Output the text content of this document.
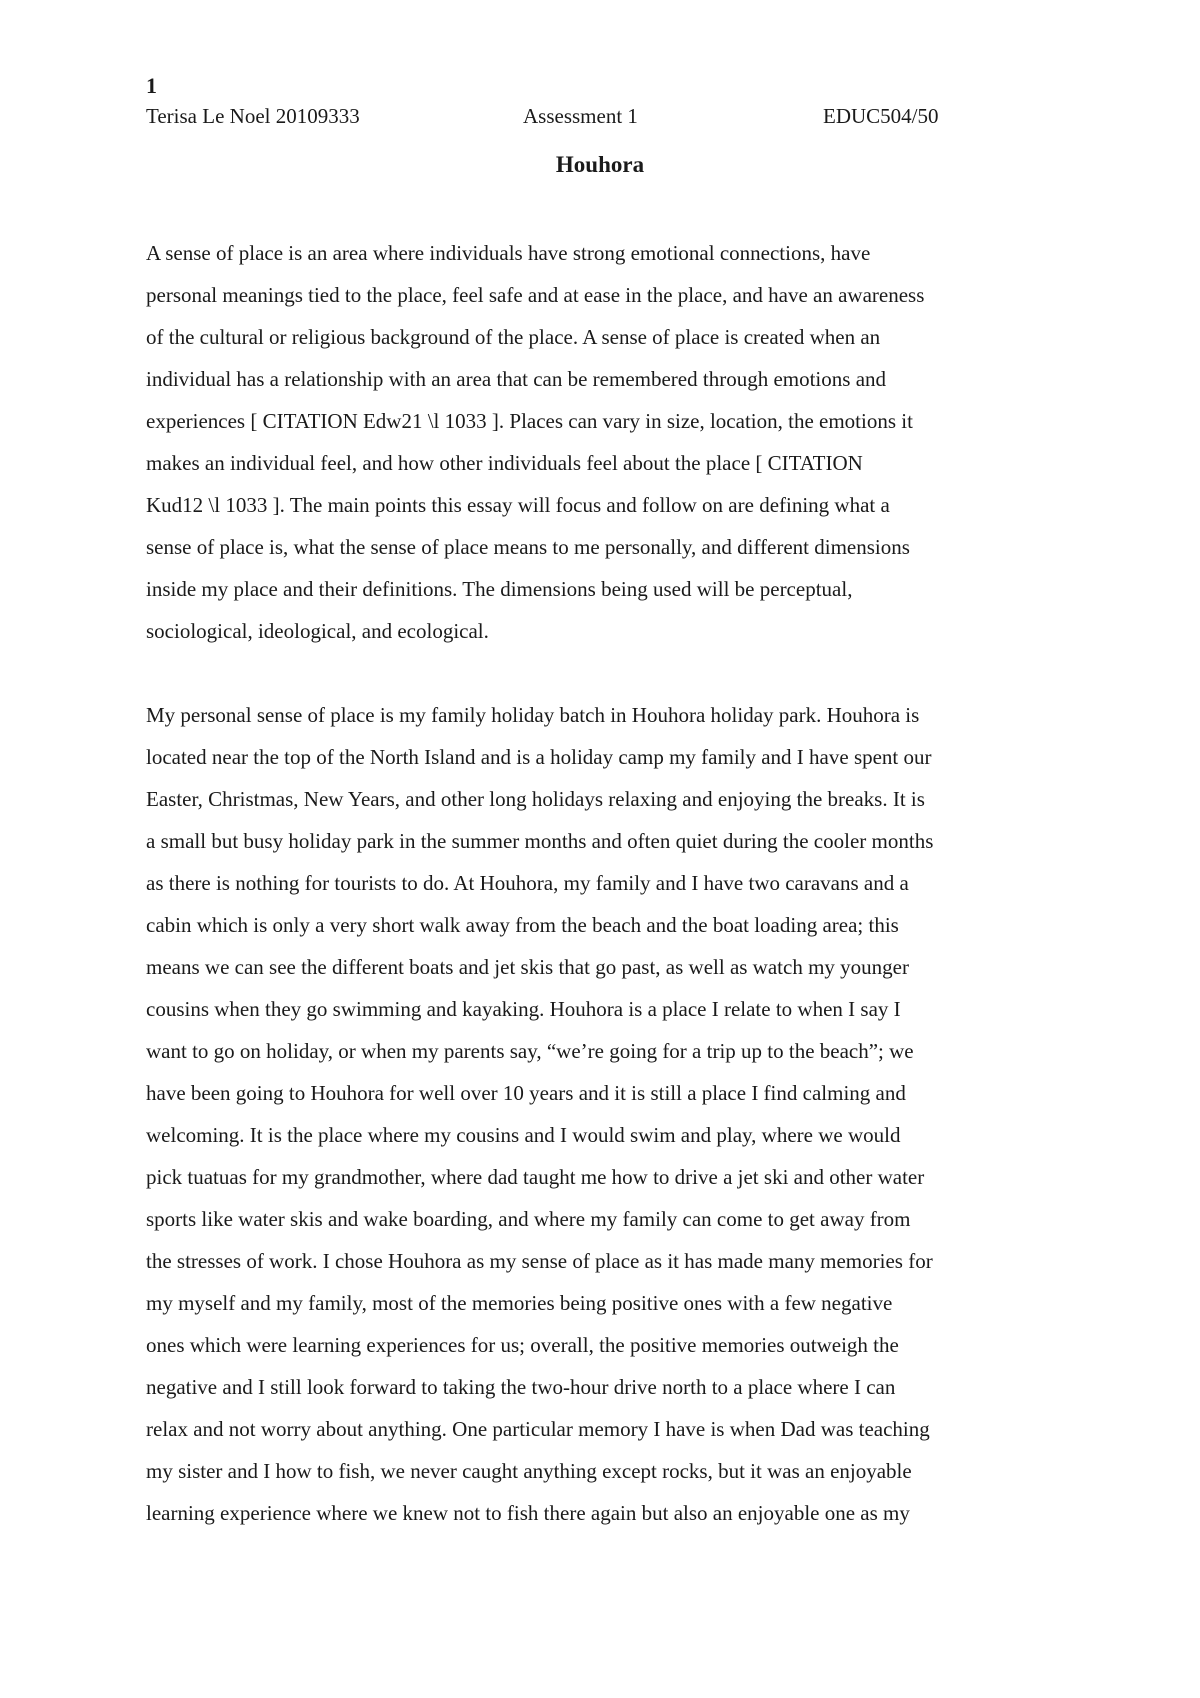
1
Terisa Le Noel 20109333	Assessment 1	EDUC504/50
Houhora

A sense of place is an area where individuals have strong emotional connections, have
personal meanings tied to the place, feel safe and at ease in the place, and have an awareness
of the cultural or religious background of the place. A sense of place is created when an
individual has a relationship with an area that can be remembered through emotions and
experiences [ CITATION Edw21 \l 1033 ]. Places can vary in size, location, the emotions it
makes an individual feel, and how other individuals feel about the place [ CITATION
Kud12 \l 1033 ]. The main points this essay will focus and follow on are defining what a
sense of place is, what the sense of place means to me personally, and different dimensions
inside my place and their definitions. The dimensions being used will be perceptual,
sociological, ideological, and ecological.

My personal sense of place is my family holiday batch in Houhora holiday park. Houhora is
located near the top of the North Island and is a holiday camp my family and I have spent our
Easter, Christmas, New Years, and other long holidays relaxing and enjoying the breaks. It is
a small but busy holiday park in the summer months and often quiet during the cooler months
as there is nothing for tourists to do. At Houhora, my family and I have two caravans and a
cabin which is only a very short walk away from the beach and the boat loading area; this
means we can see the different boats and jet skis that go past, as well as watch my younger
cousins when they go swimming and kayaking. Houhora is a place I relate to when I say I
want to go on holiday, or when my parents say, “we’re going for a trip up to the beach”; we
have been going to Houhora for well over 10 years and it is still a place I find calming and
welcoming. It is the place where my cousins and I would swim and play, where we would
pick tuatuas for my grandmother, where dad taught me how to drive a jet ski and other water
sports like water skis and wake boarding, and where my family can come to get away from
the stresses of work. I chose Houhora as my sense of place as it has made many memories for
my myself and my family, most of the memories being positive ones with a few negative
ones which were learning experiences for us; overall, the positive memories outweigh the
negative and I still look forward to taking the two-hour drive north to a place where I can
relax and not worry about anything. One particular memory I have is when Dad was teaching
my sister and I how to fish, we never caught anything except rocks, but it was an enjoyable
learning experience where we knew not to fish there again but also an enjoyable one as my
